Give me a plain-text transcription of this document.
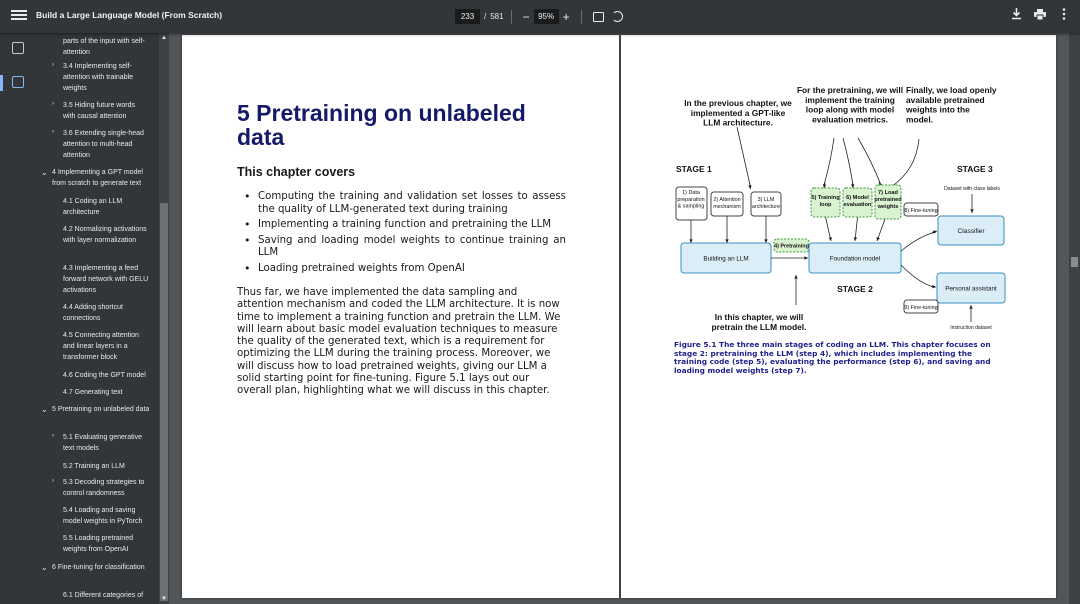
Build a Large Language Model (From Scratch)	233	/ 581 −	95% +
parts of the input with self-attention
› 3.4 Implementing self-attention with trainable weights
› 3.5 Hiding future words with causal attention
› 3.6 Extending single-head attention to multi-head attention
⌄ 4 Implementing a GPT model from scratch to generate text
4.1 Coding an LLM architecture
4.2 Normalizing activations with layer normalization
4.3 Implementing a feed forward network with GELU activations
4.4 Adding shortcut connections
4.5 Connecting attention and linear layers in a transformer block
4.6 Coding the GPT model
4.7 Generating text
⌄ 5 Pretraining on unlabeled data
› 5.1 Evaluating generative text models
5.2 Training an LLM
› 5.3 Decoding strategies to control randomness
5.4 Loading and saving model weights in PyTorch
5.5 Loading pretrained weights from OpenAI
⌄ 6 Fine-tuning for classification
6.1 Different categories of
▲
▼
5 Pretraining on unlabeled
data
This chapter covers
• Computing the training and validation set losses to assess the quality of LLM-generated text during training
• Implementing a training function and pretraining the LLM
• Saving and loading model weights to continue training an LLM
• Loading pretrained weights from OpenAI
Thus far, we have implemented the data sampling and attention mechanism and coded the LLM architecture. It is now time to implement a training function and pretrain the LLM. We will learn about basic model evaluation techniques to measure the quality of the generated text, which is a requirement for optimizing the LLM during the training process. Moreover, we will discuss how to load pretrained weights, giving our LLM a solid starting point for fine-tuning. Figure 5.1 lays out our overall plan, highlighting what we will discuss in this chapter.
In the previous chapter, we
implemented a GPT-like
LLM architecture.
For the pretraining, we will
implement the training
loop along with model
evaluation metrics.
Finally, we load openly
available pretrained
weights into the
model.
STAGE 1	STAGE 3
STAGE 2
1) Data
preparation
& sampling
2) Attention
mechanism
3) LLM
architecture
5) Training
loop
6) Model
evaluation
7) Load
pretrained
weights
Building an LLM
4) Pretraining
Foundation model
Dataset with class labels
Classifier
8) Fine-tuning
Personal assistant
9) Fine-tuning
Instruction dataset
In this chapter, we will
pretrain the LLM model.
Figure 5.1 The three main stages of coding an LLM. This chapter focuses on stage 2: pretraining the LLM (step 4), which includes implementing the training code (step 5), evaluating the performance (step 6), and saving and loading model weights (step 7).
